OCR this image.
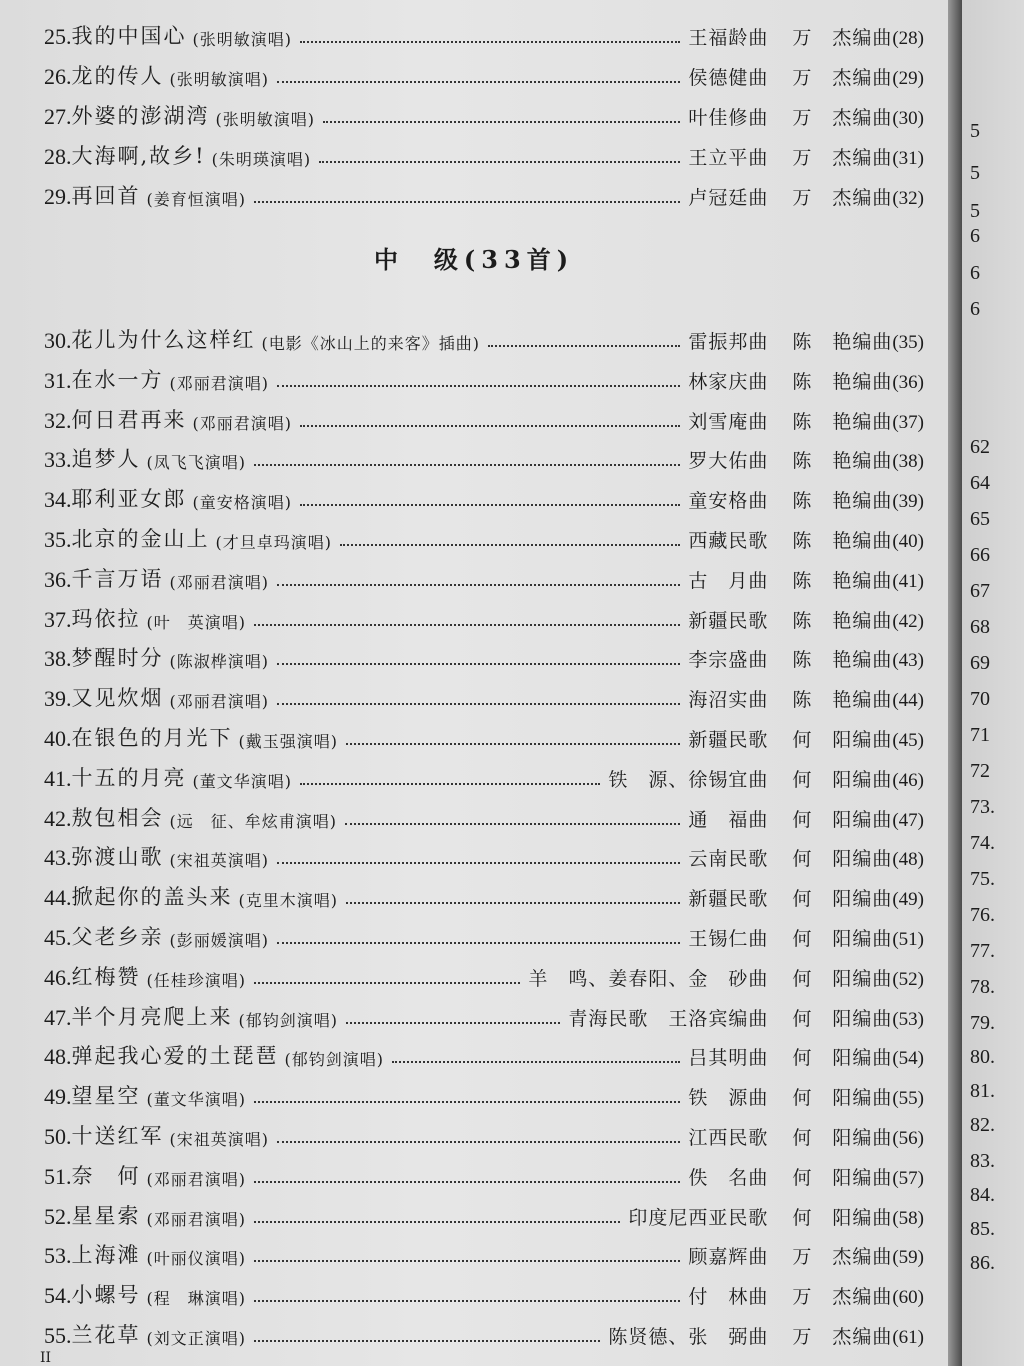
中　级(33首)
25. 我的中国心 (张明敏演唱)	王福龄曲 万　杰编曲 (28)
26. 龙的传人 (张明敏演唱)	侯德健曲 万　杰编曲 (29)
27. 外婆的澎湖湾 (张明敏演唱)	叶佳修曲 万　杰编曲 (30)
28. 大海啊,故乡! (朱明瑛演唱)	王立平曲 万　杰编曲 (31)
29. 再回首 (姜育恒演唱)	卢冠廷曲 万　杰编曲 (32)
30. 花儿为什么这样红 (电影《冰山上的来客》插曲)	雷振邦曲 陈　艳编曲 (35)
31. 在水一方 (邓丽君演唱)	林家庆曲 陈　艳编曲 (36)
32. 何日君再来 (邓丽君演唱)	刘雪庵曲 陈　艳编曲 (37)
33. 追梦人 (凤飞飞演唱)	罗大佑曲 陈　艳编曲 (38)
34. 耶利亚女郎 (童安格演唱)	童安格曲 陈　艳编曲 (39)
35. 北京的金山上 (才旦卓玛演唱)	西藏民歌 陈　艳编曲 (40)
36. 千言万语 (邓丽君演唱)	古　月曲 陈　艳编曲 (41)
37. 玛依拉 (叶　英演唱)	新疆民歌 陈　艳编曲 (42)
38. 梦醒时分 (陈淑桦演唱)	李宗盛曲 陈　艳编曲 (43)
39. 又见炊烟 (邓丽君演唱)	海沼实曲 陈　艳编曲 (44)
40. 在银色的月光下 (戴玉强演唱)	新疆民歌 何　阳编曲 (45)
41. 十五的月亮 (董文华演唱)	铁　源、徐锡宜曲 何　阳编曲 (46)
42. 敖包相会 (远　征、牟炫甫演唱)	通　福曲 何　阳编曲 (47)
43. 弥渡山歌 (宋祖英演唱)	云南民歌 何　阳编曲 (48)
44. 掀起你的盖头来 (克里木演唱)	新疆民歌 何　阳编曲 (49)
45. 父老乡亲 (彭丽媛演唱)	王锡仁曲 何　阳编曲 (51)
46. 红梅赞 (任桂珍演唱)	羊　鸣、姜春阳、金　砂曲 何　阳编曲 (52)
47. 半个月亮爬上来 (郁钧剑演唱)	青海民歌　王洛宾编曲 何　阳编曲 (53)
48. 弹起我心爱的土琵琶 (郁钧剑演唱)	吕其明曲 何　阳编曲 (54)
49. 望星空 (董文华演唱)	铁　源曲 何　阳编曲 (55)
50. 十送红军 (宋祖英演唱)	江西民歌 何　阳编曲 (56)
51. 奈　何 (邓丽君演唱)	佚　名曲 何　阳编曲 (57)
52. 星星索 (邓丽君演唱)	印度尼西亚民歌 何　阳编曲 (58)
53. 上海滩 (叶丽仪演唱)	顾嘉辉曲 万　杰编曲 (59)
54. 小螺号 (程　琳演唱)	付　林曲 万　杰编曲 (60)
55. 兰花草 (刘文正演唱)	陈贤德、张　弼曲 万　杰编曲 (61)
II
5
5
5
6
6
6
62
64
65
66
67
68
69
70
71
72
73.
74.
75.
76.
77.
78.
79.
80.
81.
82.
83.
84.
85.
86.
